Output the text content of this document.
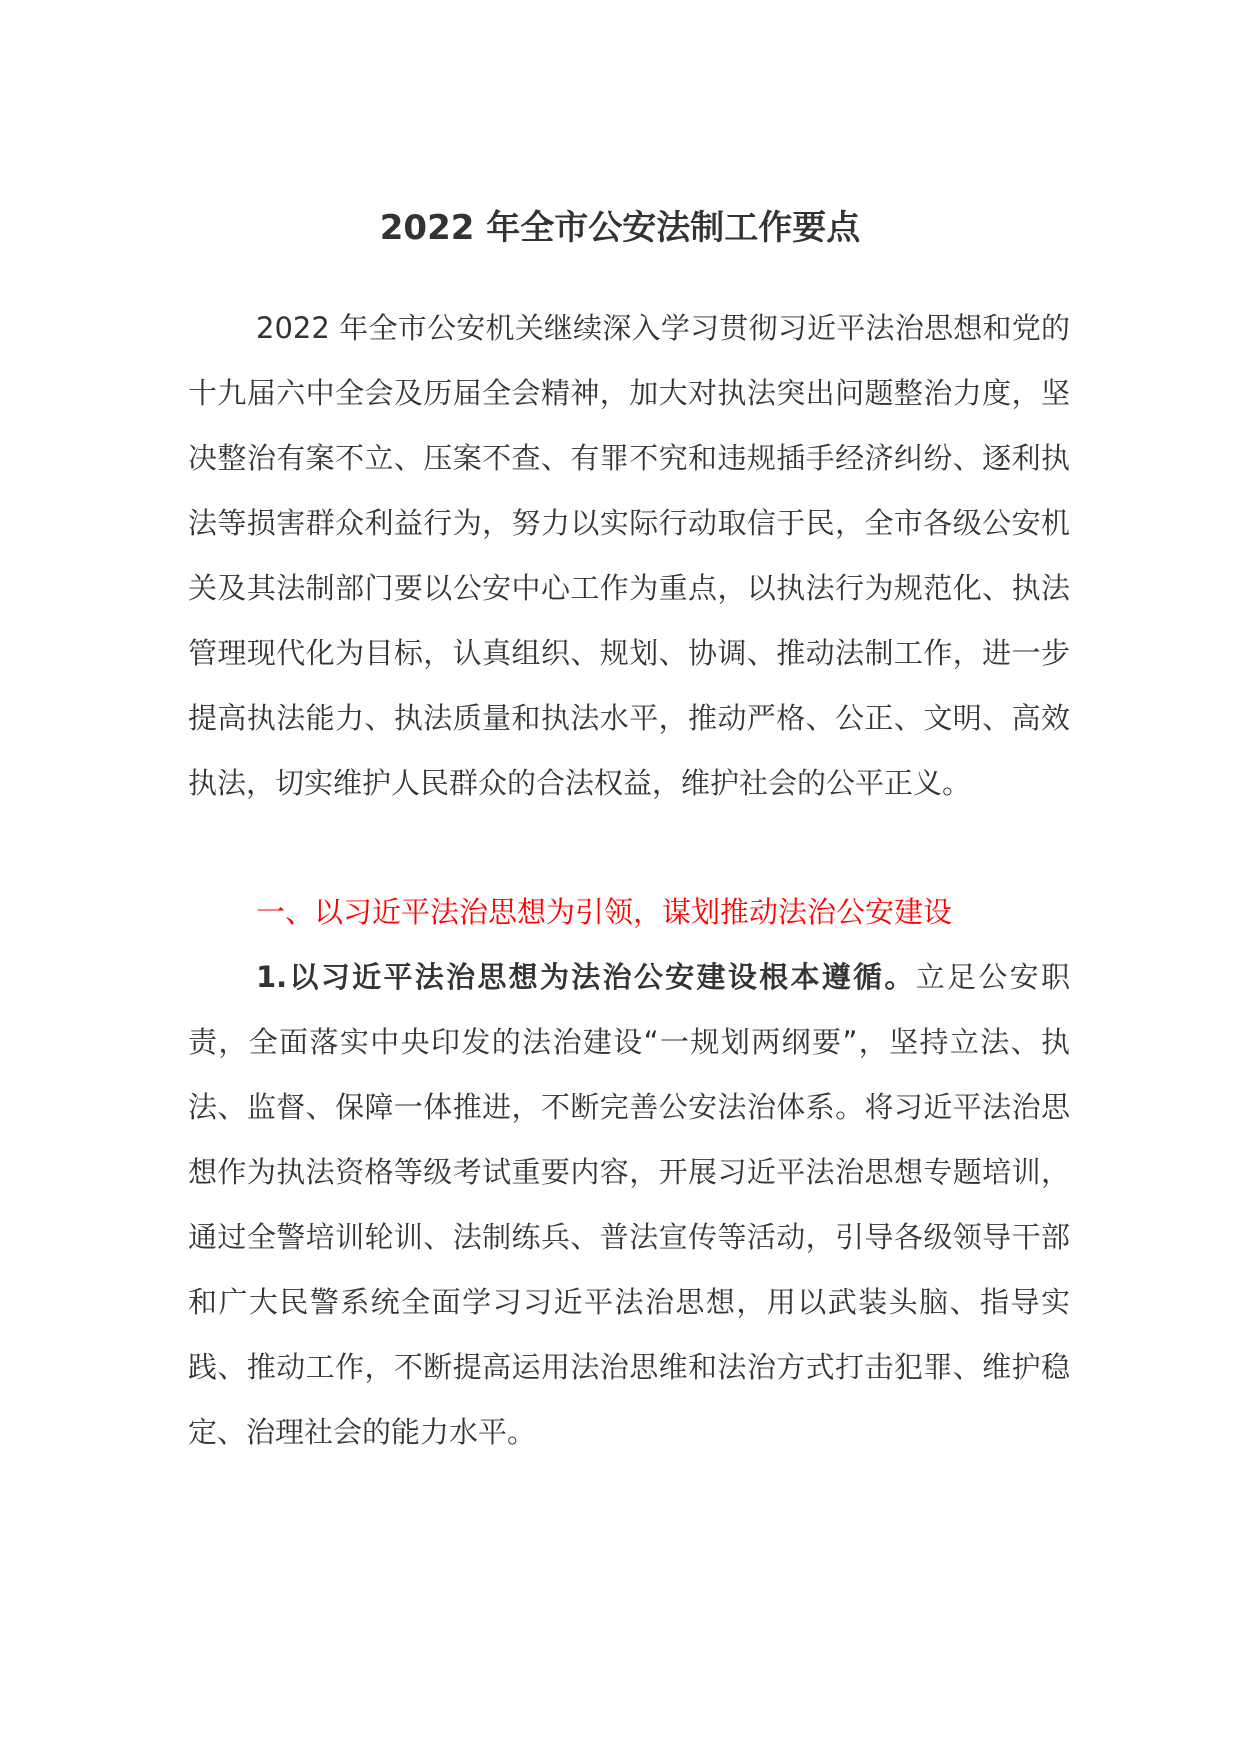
2022 年全市公安法制工作要点

2022 年全市公安机关继续深入学习贯彻习近平法治思想和党的十九届六中全会及历届全会精神，加大对执法突出问题整治力度，坚决整治有案不立、压案不查、有罪不究和违规插手经济纠纷、逐利执法等损害群众利益行为，努力以实际行动取信于民，全市各级公安机关及其法制部门要以公安中心工作为重点，以执法行为规范化、执法管理现代化为目标，认真组织、规划、协调、推动法制工作，进一步提高执法能力、执法质量和执法水平，推动严格、公正、文明、高效执法，切实维护人民群众的合法权益，维护社会的公平正义。

一、以习近平法治思想为引领，谋划推动法治公安建设

1.以习近平法治思想为法治公安建设根本遵循。立足公安职责，全面落实中央印发的法治建设“一规划两纲要”，坚持立法、执法、监督、保障一体推进，不断完善公安法治体系。将习近平法治思想作为执法资格等级考试重要内容，开展习近平法治思想专题培训，通过全警培训轮训、法制练兵、普法宣传等活动，引导各级领导干部和广大民警系统全面学习习近平法治思想，用以武装头脑、指导实践、推动工作，不断提高运用法治思维和法治方式打击犯罪、维护稳定、治理社会的能力水平。
